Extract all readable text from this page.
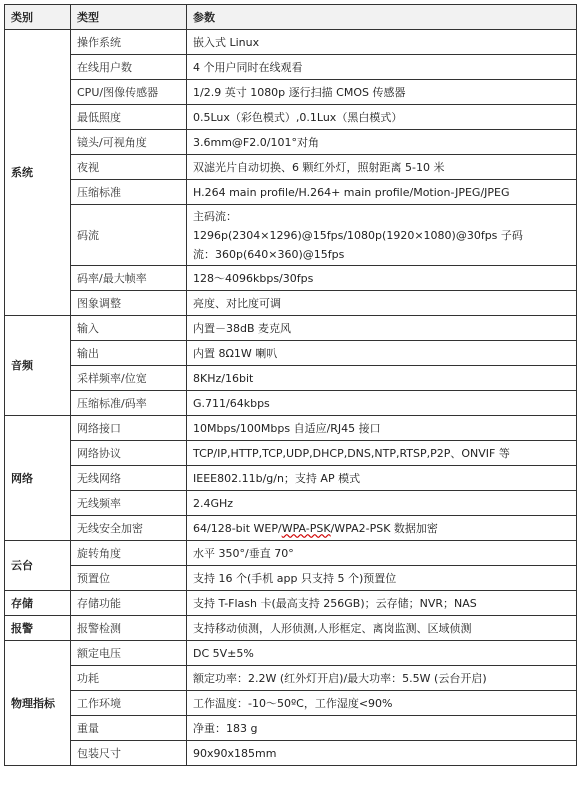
类别	类型	参数
系统	操作系统	嵌入式 Linux
	在线用户数	4 个用户同时在线观看
	CPU/图像传感器	1/2.9 英寸 1080p 逐行扫描 CMOS 传感器
	最低照度	0.5Lux（彩色模式）,0.1Lux（黑白模式）
	镜头/可视角度	3.6mm@F2.0/101°对角
	夜视	双滤光片自动切换、6 颗红外灯，照射距离 5-10 米
	压缩标准	H.264 main profile/H.264+ main profile/Motion-JPEG/JPEG
	码流	主码流：
1296p(2304×1296)@15fps/1080p(1920×1080)@30fps 子码
流：360p(640×360)@15fps

	码率/最大帧率	128～4096kbps/30fps
	图象调整	亮度、对比度可调
音频	输入	内置－38dB 麦克风
	输出	内置 8Ω1W 喇叭
	采样频率/位宽	8KHz/16bit
	压缩标准/码率	G.711/64kbps
网络	网络接口	10Mbps/100Mbps 自适应/RJ45 接口
	网络协议	TCP/IP,HTTP,TCP,UDP,DHCP,DNS,NTP,RTSP,P2P、ONVIF 等
	无线网络	IEEE802.11b/g/n；支持 AP 模式
	无线频率	2.4GHz
	无线安全加密	64/128-bit WEP/WPA-PSK/WPA2-PSK 数据加密
云台	旋转角度	水平 350°/垂直 70°
	预置位	支持 16 个(手机 app 只支持 5 个)预置位
存储	存储功能	支持 T-Flash 卡(最高支持 256GB)；云存储；NVR；NAS
报警	报警检测	支持移动侦测，人形侦测,人形框定、离岗监测、区域侦测
物理指标	额定电压	DC 5V±5%
	功耗	额定功率：2.2W (红外灯开启)/最大功率：5.5W (云台开启)
	工作环境	工作温度：-10～50ºC，工作湿度<90%
	重量	净重：183 g
	包装尺寸	90x90x185mm
